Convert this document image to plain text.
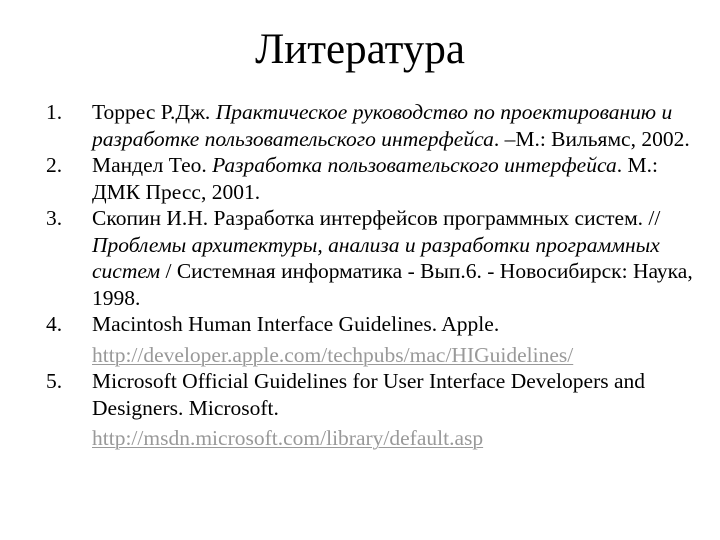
Литература
1. Торрес Р.Дж. Практическое руководство по проектированию и разработке пользовательского интерфейса. –М.: Вильямс, 2002.
2. Мандел Тео. Разработка пользовательского интерфейса. М.: ДМК Пресс, 2001.
3. Скопин И.Н. Разработка интерфейсов программных систем. // Проблемы архитектуры, анализа и разработки программных систем / Системная информатика - Вып.6. - Новосибирск: Наука, 1998.
4. Macintosh Human Interface Guidelines. Apple.
http://developer.apple.com/techpubs/mac/HIGuidelines/
5. Microsoft Official Guidelines for User Interface Developers and Designers. Microsoft.
http://msdn.microsoft.com/library/default.asp
